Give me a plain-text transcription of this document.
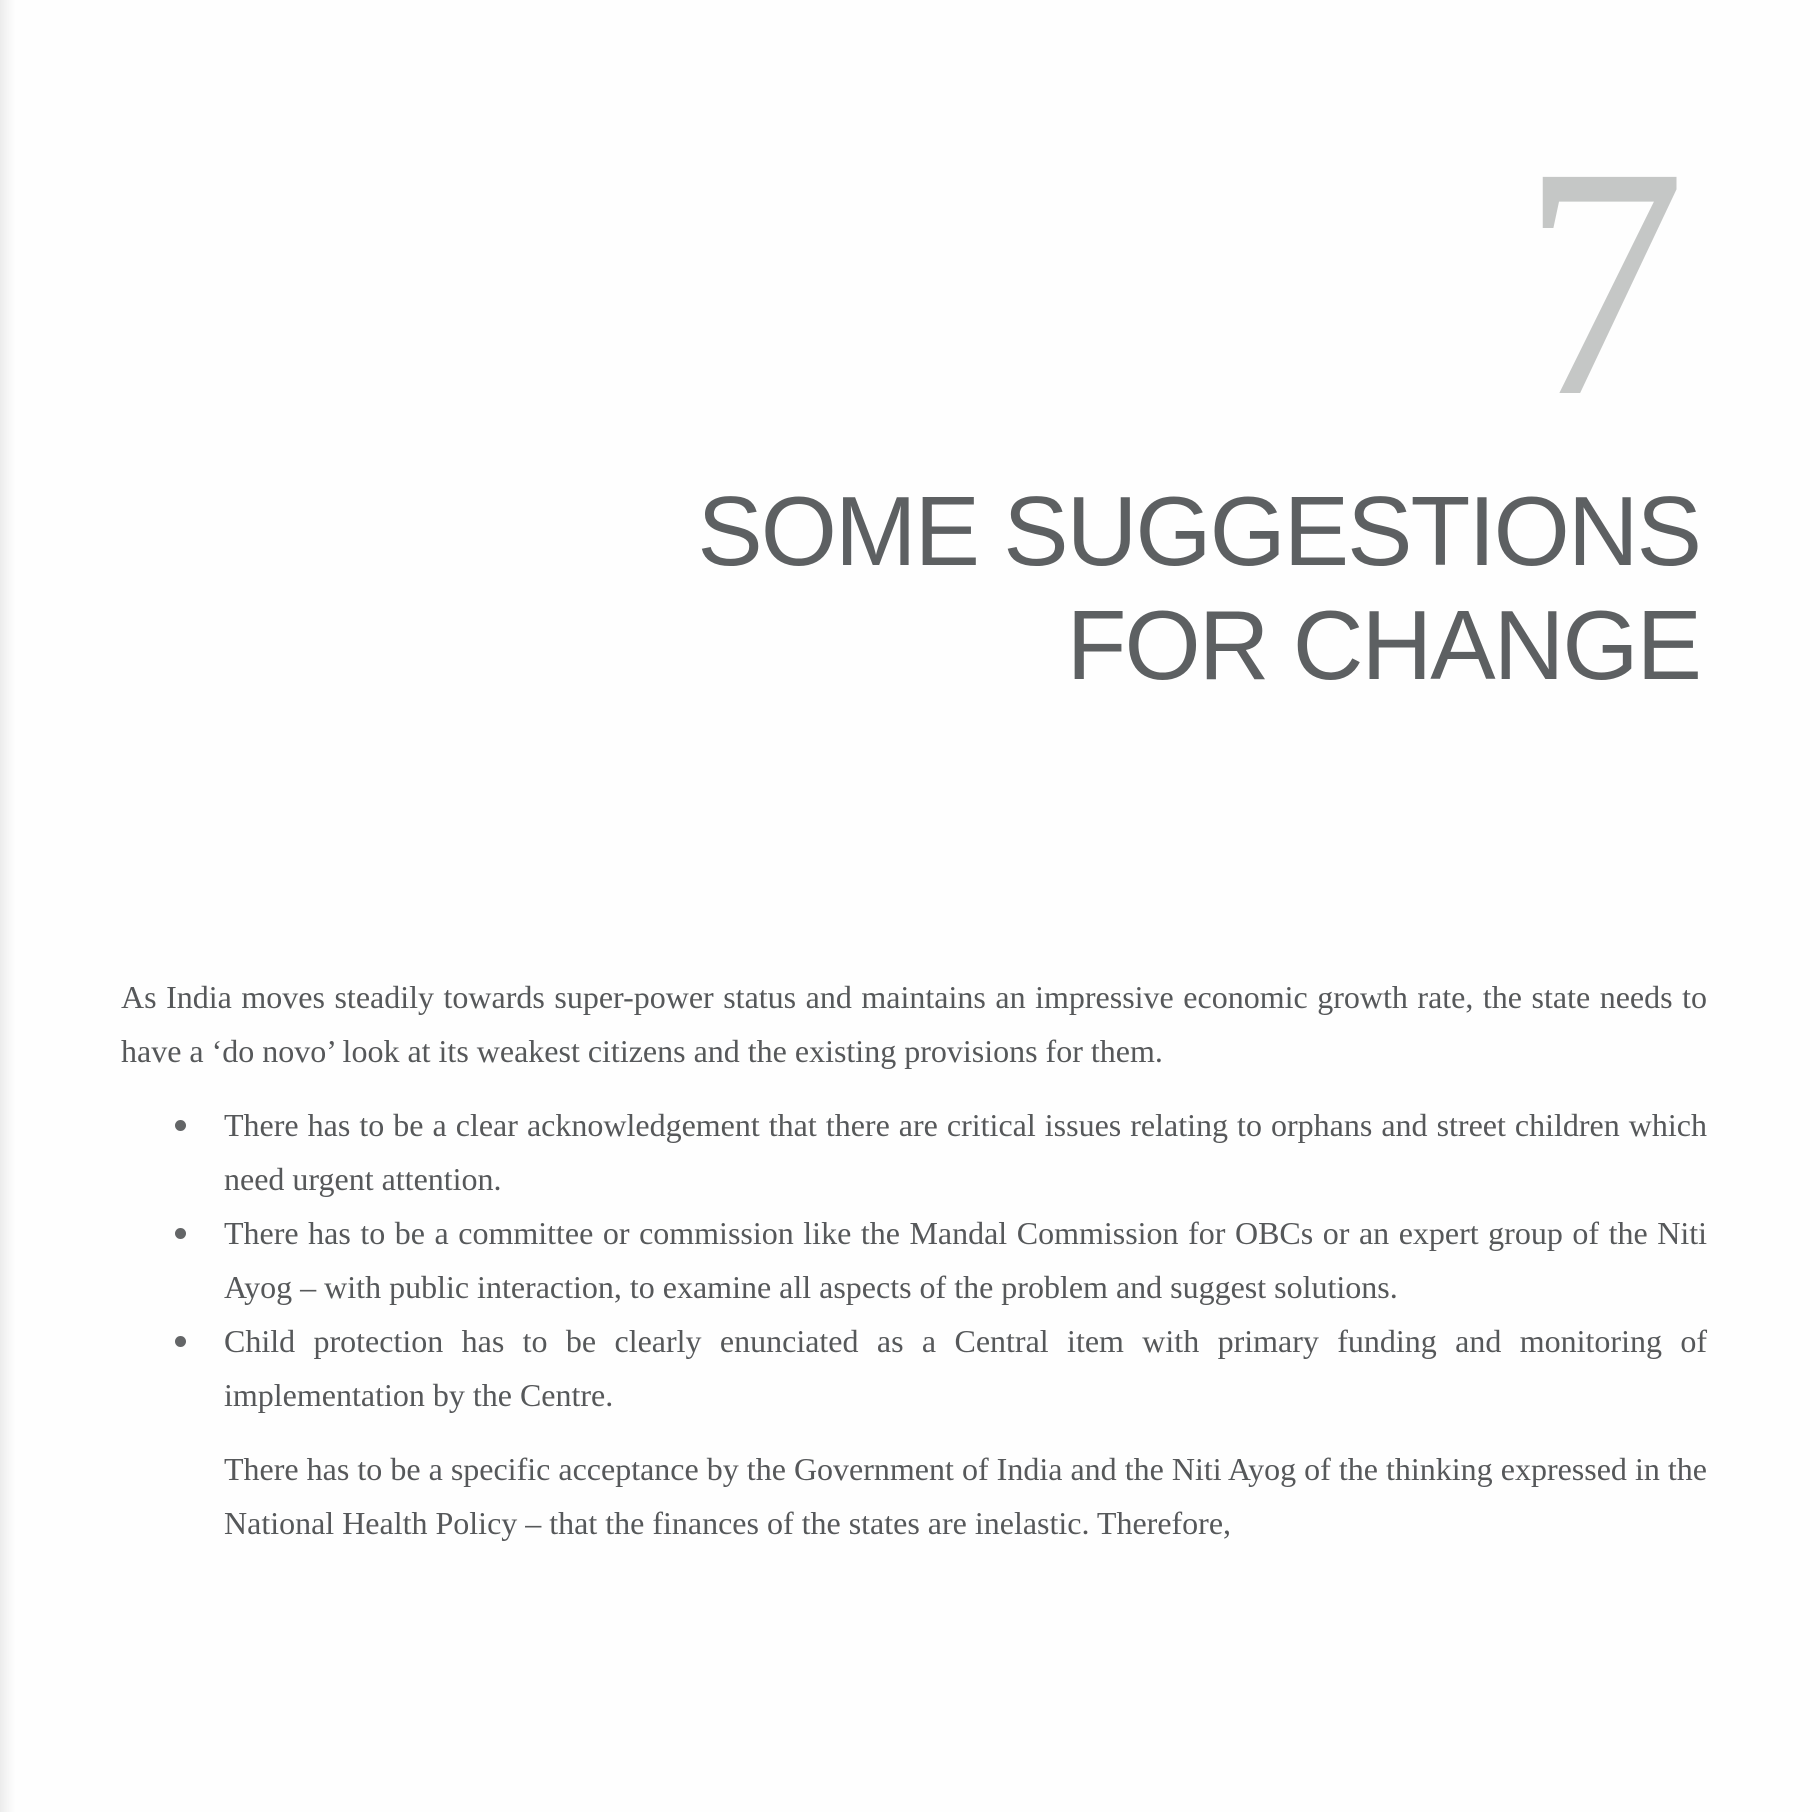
7
SOME SUGGESTIONS
FOR CHANGE

As India moves steadily towards super-power status and maintains an impressive economic growth rate, the state needs to have a ‘do novo’ look at its weakest citizens and the existing provisions for them.

There has to be a clear acknowledgement that there are critical issues relating to orphans and street children which need urgent attention.
There has to be a committee or commission like the Mandal Commission for OBCs or an expert group of the Niti Ayog – with public interaction, to examine all aspects of the problem and suggest solutions.
Child protection has to be clearly enunciated as a Central item with primary funding and monitoring of implementation by the Centre.

There has to be a specific acceptance by the Government of India and the Niti Ayog of the thinking expressed in the National Health Policy – that the finances of the states are inelastic. Therefore,
